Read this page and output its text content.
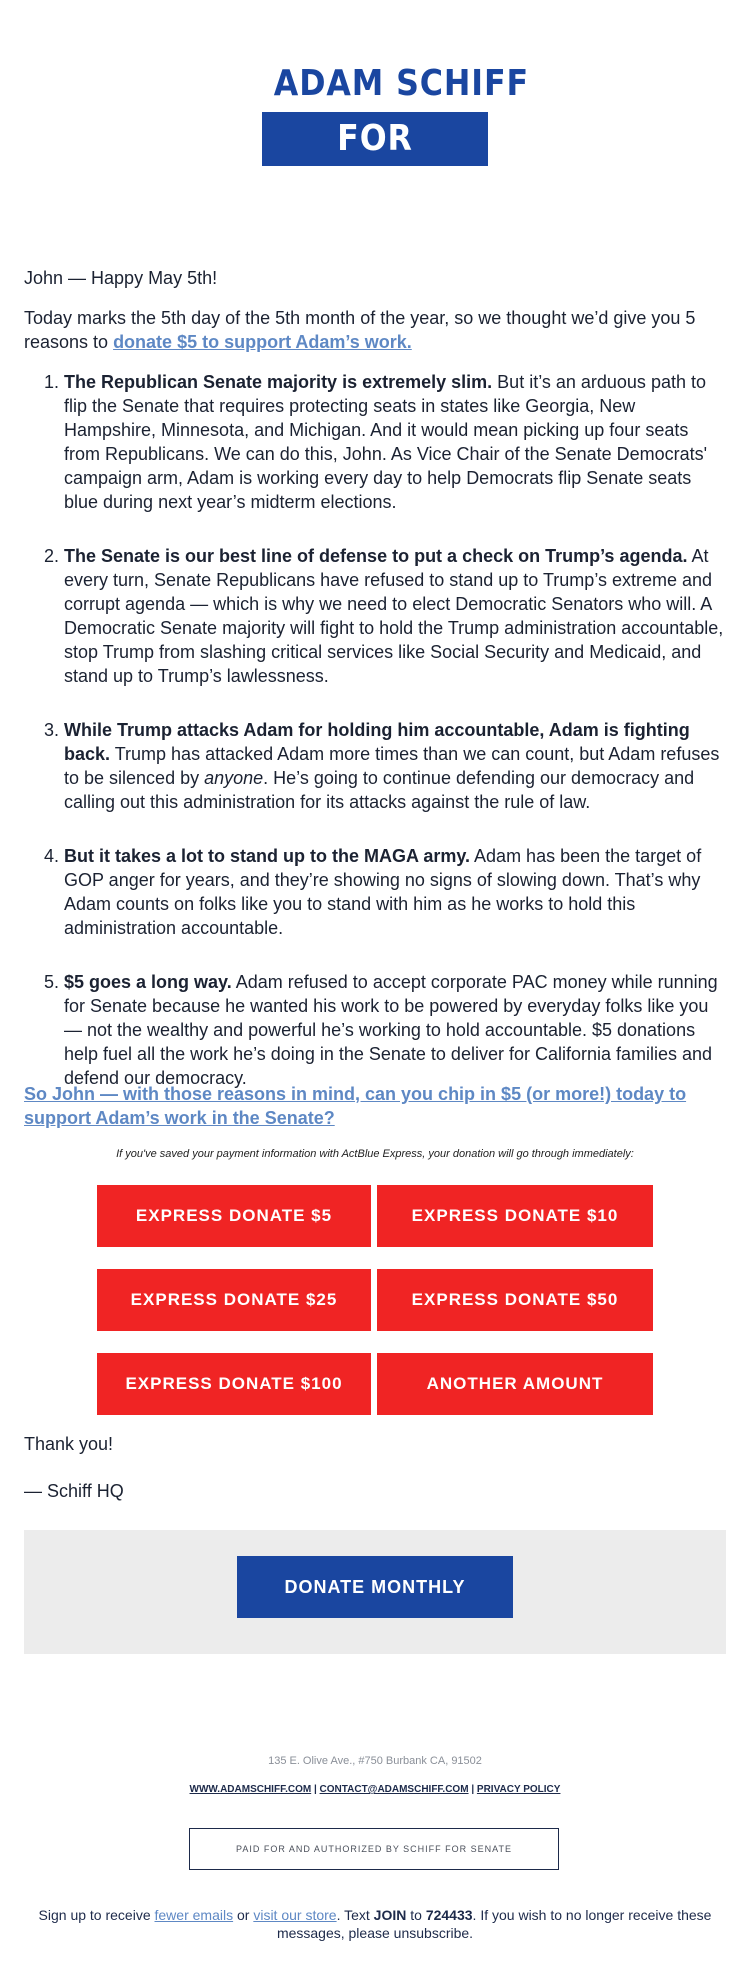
ADAM SCHIFF
FOR SENATE

John — Happy May 5th!

Today marks the 5th day of the 5th month of the year, so we thought we’d give you 5 reasons to donate $5 to support Adam’s work.

1. The Republican Senate majority is extremely slim. But it’s an arduous path to flip the Senate that requires protecting seats in states like Georgia, New Hampshire, Minnesota, and Michigan. And it would mean picking up four seats from Republicans. We can do this, John. As Vice Chair of the Senate Democrats' campaign arm, Adam is working every day to help Democrats flip Senate seats blue during next year’s midterm elections.
2. The Senate is our best line of defense to put a check on Trump’s agenda. At every turn, Senate Republicans have refused to stand up to Trump’s extreme and corrupt agenda — which is why we need to elect Democratic Senators who will. A Democratic Senate majority will fight to hold the Trump administration accountable, stop Trump from slashing critical services like Social Security and Medicaid, and stand up to Trump’s lawlessness.
3. While Trump attacks Adam for holding him accountable, Adam is fighting back. Trump has attacked Adam more times than we can count, but Adam refuses to be silenced by anyone. He’s going to continue defending our democracy and calling out this administration for its attacks against the rule of law.
4. But it takes a lot to stand up to the MAGA army. Adam has been the target of GOP anger for years, and they’re showing no signs of slowing down. That’s why Adam counts on folks like you to stand with him as he works to hold this administration accountable.
5. $5 goes a long way. Adam refused to accept corporate PAC money while running for Senate because he wanted his work to be powered by everyday folks like you — not the wealthy and powerful he’s working to hold accountable. $5 donations help fuel all the work he’s doing in the Senate to deliver for California families and defend our democracy.
So John — with those reasons in mind, can you chip in $5 (or more!) today to support Adam’s work in the Senate?
If you've saved your payment information with ActBlue Express, your donation will go through immediately:
EXPRESS DONATE $5	EXPRESS DONATE $10
EXPRESS DONATE $25	EXPRESS DONATE $50
EXPRESS DONATE $100	ANOTHER AMOUNT
Thank you!
— Schiff HQ
DONATE MONTHLY
135 E. Olive Ave., #750 Burbank CA, 91502
WWW.ADAMSCHIFF.COM | CONTACT@ADAMSCHIFF.COM | PRIVACY POLICY
PAID FOR AND AUTHORIZED BY SCHIFF FOR SENATE
Sign up to receive fewer emails or visit our store. Text JOIN to 724433. If you wish to no longer receive these messages, please unsubscribe.
